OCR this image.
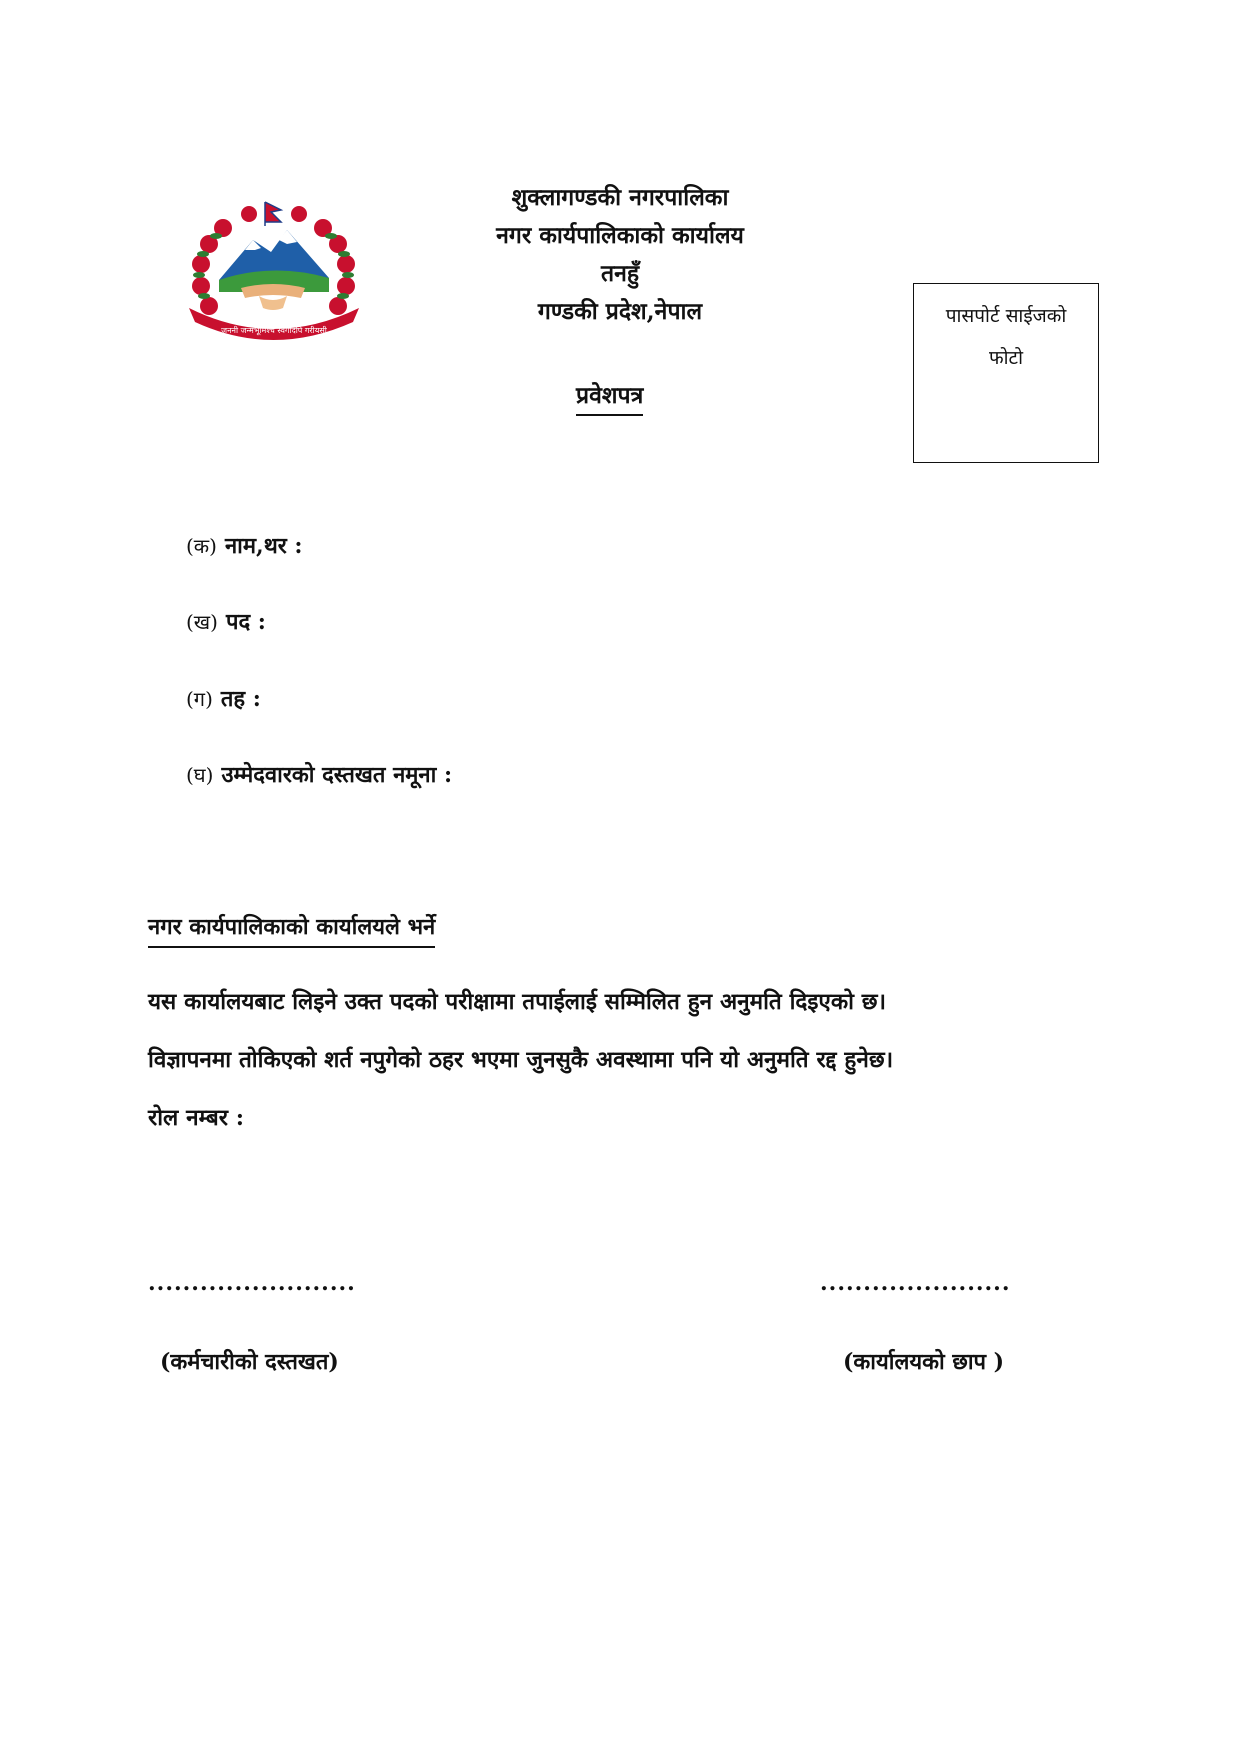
जननी जन्मभूमिश्च स्वर्गादपि गरीयसी
शुक्लागण्डकी नगरपालिका
नगर कार्यपालिकाको कार्यालय
तनहुँ
गण्डकी प्रदेश,नेपाल
प्रवेशपत्र
पासपोर्ट साईजको
फोटो
(क) नाम,थर :
(ख) पद :
(ग) तह :
(घ) उम्मेदवारको दस्तखत नमूना :
नगर कार्यपालिकाको कार्यालयले भर्ने
यस कार्यालयबाट लिइने उक्त पदको परीक्षामा तपाईलाई सम्मिलित हुन अनुमति दिइएको छ।
विज्ञापनमा तोकिएको शर्त नपुगेको ठहर भएमा जुनसुकै अवस्थामा पनि यो अनुमति रद्द हुनेछ।
रोल नम्बर :
........................	......................
(कर्मचारीको दस्तखत)	(कार्यालयको छाप )
